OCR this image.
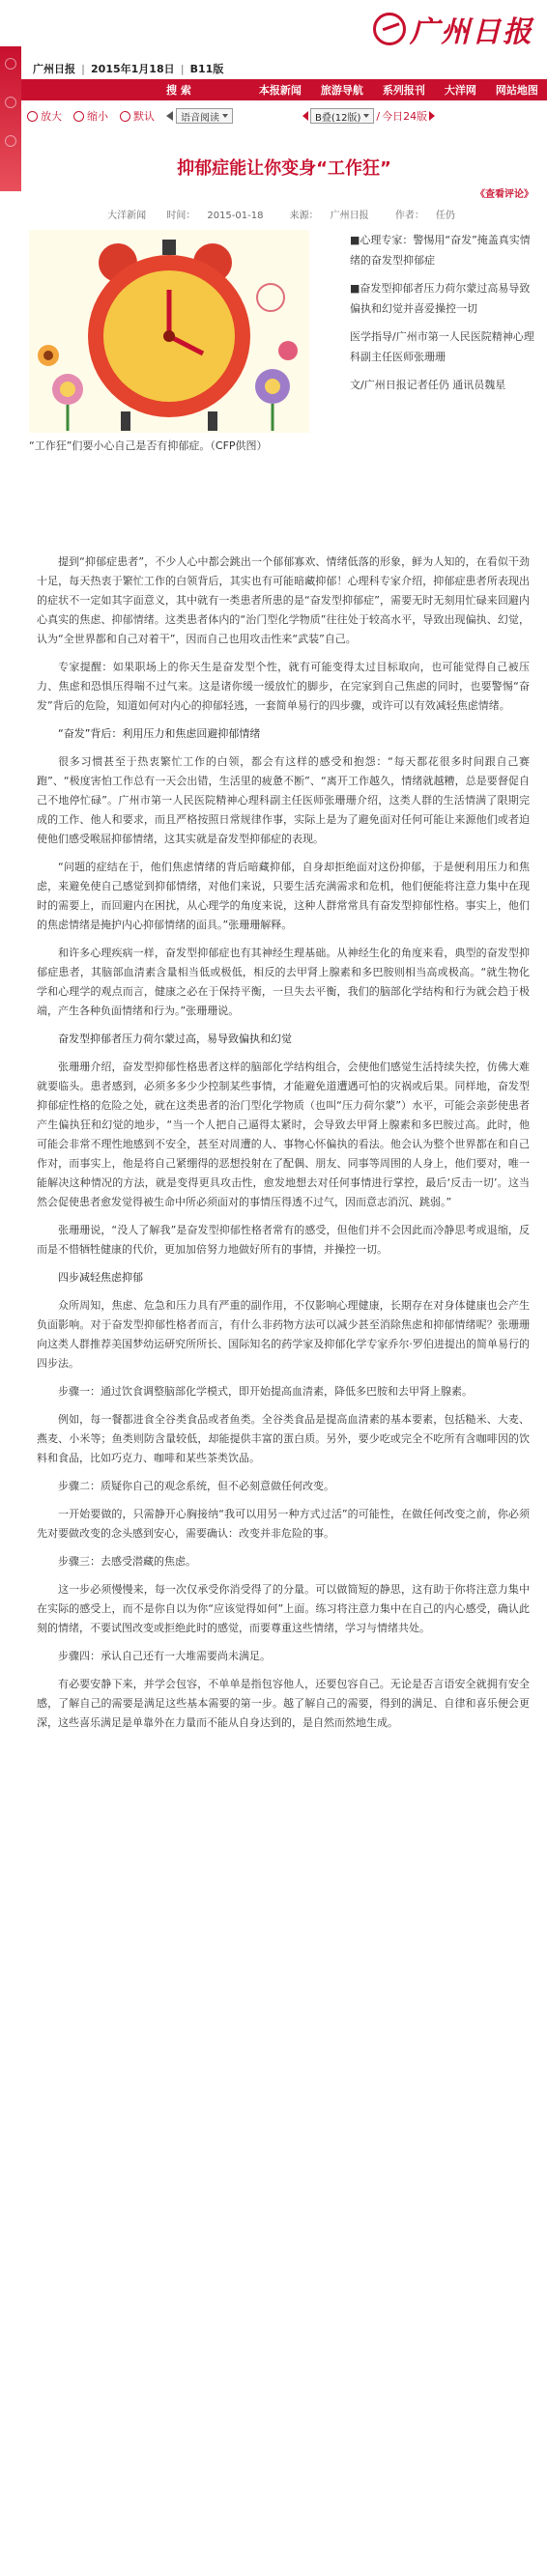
广州日报
广州日报 | 2015年1月18日 | B11版
搜 索	本报新闻	旅游导航	系列报刊	大洋网	网站地图
放大 缩小 默认	语音阅读	B叠(12版) / 今日24版
抑郁症能让你变身“工作狂”
《查看评论》
大洋新闻 时间： 2015-01-18	来源： 广州日报	作者： 任仍

“工作狂”们要小心自己是否有抑郁症。（CFP供图）

■心理专家：警惕用“奋发”掩盖真实情绪的奋发型抑郁症

■奋发型抑郁者压力荷尔蒙过高易导致偏执和幻觉并喜爱操控一切

医学指导/广州市第一人民医院精神心理科副主任医师张珊珊

文/广州日报记者任仍 通讯员魏星

提到“抑郁症患者”，不少人心中都会跳出一个郁郁寡欢、情绪低落的形象，鲜为人知的，在看似干劲十足，每天热衷于繁忙工作的白领背后，其实也有可能暗藏抑郁！心理科专家介绍，抑郁症患者所表现出的症状不一定如其字面意义，其中就有一类患者所患的是“奋发型抑郁症”，需要无时无刻用忙碌来回避内心真实的焦虑、抑郁情绪。这类患者体内的“治门型化学物质”往往处于较高水平，导致出现偏执、幻觉，认为“全世界都和自己对着干”，因而自己也用攻击性来“武装”自己。

专家提醒：如果职场上的你天生是奋发型个性，就有可能变得太过目标取向，也可能觉得自己被压力、焦虑和恐惧压得喘不过气来。这是诸你缓一缓放忙的脚步，在完家到自己焦虑的同时，也要警惕“奋发”背后的危险，知道如何对内心的抑郁轻逃，一套简单易行的四步骤，或许可以有效减轻焦虑情绪。

“奋发”背后：利用压力和焦虑回避抑郁情绪

很多习惯甚至于热衷繁忙工作的白领，都会有这样的感受和抱怨：“每天都花很多时间跟自己赛跑”、“极度害怕工作总有一天会出错，生活里的疲惫不断”、“离开工作越久，情绪就越糟，总是要督促自己不地停忙碌”。广州市第一人民医院精神心理科副主任医师张珊珊介绍，这类人群的生活情满了限期完成的工作、他人和要求，而且严格按照日常规律作事，实际上是为了避免面对任何可能让来源他们或者迫使他们感受喉屈抑郁情绪，这其实就是奋发型抑郁症的表现。

“问题的症结在于，他们焦虑情绪的背后暗藏抑郁，自身却拒绝面对这份抑郁，于是便利用压力和焦虑，来避免使自己感觉到抑郁情绪，对他们来说，只要生活充满需求和危机，他们便能将注意力集中在现时的需要上，而回避内在困扰，从心理学的角度来说，这种人群常常具有奋发型抑郁性格。事实上，他们的焦虑情绪是掩护内心抑郁情绪的面具。”张珊珊解释。

和许多心理疾病一样，奋发型抑郁症也有其神经生理基础。从神经生化的角度来看，典型的奋发型抑郁症患者，其脑部血清素含量相当低或极低，相反的去甲肾上腺素和多巴胺则相当高或极高。“就生物化学和心理学的观点而言，健康之必在于保持平衡，一旦失去平衡，我们的脑部化学结构和行为就会趋于极端，产生各种负面情绪和行为。”张珊珊说。

奋发型抑郁者压力荷尔蒙过高，易导致偏执和幻觉

张珊珊介绍，奋发型抑郁性格患者这样的脑部化学结构组合，会使他们感觉生活持续失控，仿佛大难就要临头。患者感到，必须多多少少控制某些事情，才能避免道遭遇可怕的灾祸或后果。同样地，奋发型抑郁症性格的危险之处，就在这类患者的治门型化学物质（也叫“压力荷尔蒙”）水平，可能会亲彭使患者产生偏执狂和幻觉的地步，“当一个人把自己逼得太紧时，会导致去甲肾上腺素和多巴胺过高。此时，他可能会非常不理性地感到不安全，甚至对周遭的人、事物心怀偏执的看法。他会认为整个世界都在和自己作对，而事实上，他是将自己紧绷得的恶想投射在了配偶、朋友、同事等周围的人身上，他们要对，唯一能解决这种情况的方法，就是变得更具攻击性，愈发地想去对任何事情进行掌控，最后‘反击一切’。这当然会促使患者愈发觉得被生命中所必须面对的事情压得透不过气，因而意志消沉、跳弱。”

张珊珊说，“没人了解我”是奋发型抑郁性格者常有的感受，但他们并不会因此而冷静思考或退缩，反而是不惜牺牲健康的代价，更加加倍努力地做好所有的事情，并操控一切。

四步减轻焦虑抑郁

众所周知，焦虑、危急和压力具有严重的副作用，不仅影响心理健康，长期存在对身体健康也会产生负面影响。对于奋发型抑郁性格者而言，有什么非药物方法可以减少甚至消除焦虑和抑郁情绪呢？张珊珊向这类人群推荐美国梦幼运研究所所长、国际知名的药学家及抑郁化学专家乔尔·罗伯进提出的简单易行的四步法。

步骤一：通过饮食调整脑部化学模式，即开始提高血清素，降低多巴胺和去甲肾上腺素。

例如，每一餐都进食全谷类食品或者鱼类。全谷类食品是提高血清素的基本要素，包括糙米、大麦、燕麦、小米等；鱼类则防含量较低，却能提供丰富的蛋白质。另外，要少吃或完全不吃所有含咖啡因的饮料和食品，比如巧克力、咖啡和某些茶类饮品。

步骤二：质疑你自己的观念系统，但不必刻意做任何改变。

一开始要做的，只需静开心胸接纳“我可以用另一种方式过活”的可能性，在做任何改变之前，你必须先对要做改变的念头感到安心，需要确认：改变并非危险的事。

步骤三：去感受潜藏的焦虑。

这一步必须慢慢来，每一次仅承受你消受得了的分量。可以做简短的静思，这有助于你将注意力集中在实际的感受上，而不是你自以为你“应该觉得如何”上面。练习将注意力集中在自己的内心感受，确认此刻的情绪，不要试图改变或拒绝此时的感觉，而要尊重这些情绪，学习与情绪共处。

步骤四：承认自己还有一大堆需要尚未满足。

有必要安静下来，并学会包容，不单单是指包容他人，还要包容自己。无论是否言语安全就拥有安全感，了解自己的需要是满足这些基本需要的第一步。越了解自己的需要，得到的满足、自律和喜乐便会更深，这些喜乐满足是单靠外在力量而不能从自身达到的，是自然而然地生成。
